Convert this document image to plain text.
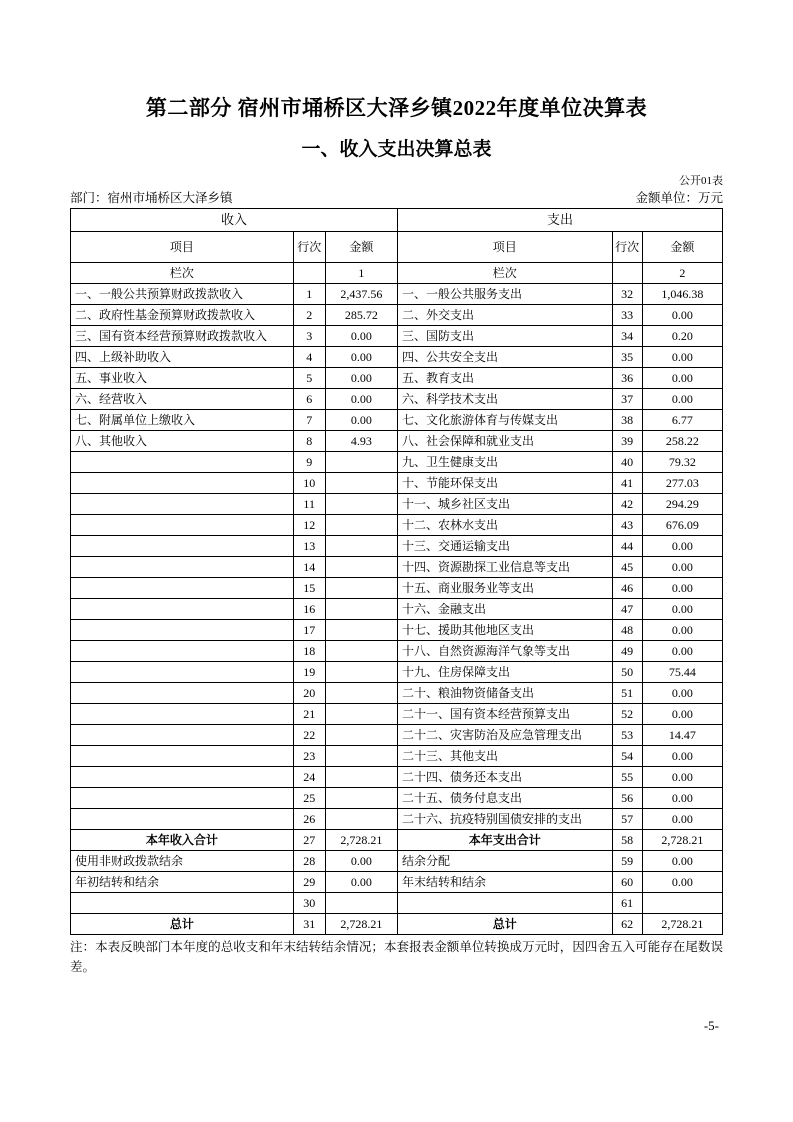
第二部分 宿州市埇桥区大泽乡镇2022年度单位决算表
一、收入支出决算总表
公开01表
部门：宿州市埇桥区大泽乡镇	金额单位：万元
收入			支出		
项目	行次	金额	项目	行次	金额
栏次		1	栏次		2
一、一般公共预算财政拨款收入	1	2,437.56	一、一般公共服务支出	32	1,046.38
二、政府性基金预算财政拨款收入	2	285.72	二、外交支出	33	0.00
三、国有资本经营预算财政拨款收入	3	0.00	三、国防支出	34	0.20
四、上级补助收入	4	0.00	四、公共安全支出	35	0.00
五、事业收入	5	0.00	五、教育支出	36	0.00
六、经营收入	6	0.00	六、科学技术支出	37	0.00
七、附属单位上缴收入	7	0.00	七、文化旅游体育与传媒支出	38	6.77
八、其他收入	8	4.93	八、社会保障和就业支出	39	258.22
	9		九、卫生健康支出	40	79.32
	10		十、节能环保支出	41	277.03
	11		十一、城乡社区支出	42	294.29
	12		十二、农林水支出	43	676.09
	13		十三、交通运输支出	44	0.00
	14		十四、资源勘探工业信息等支出	45	0.00
	15		十五、商业服务业等支出	46	0.00
	16		十六、金融支出	47	0.00
	17		十七、援助其他地区支出	48	0.00
	18		十八、自然资源海洋气象等支出	49	0.00
	19		十九、住房保障支出	50	75.44
	20		二十、粮油物资储备支出	51	0.00
	21		二十一、国有资本经营预算支出	52	0.00
	22		二十二、灾害防治及应急管理支出	53	14.47
	23		二十三、其他支出	54	0.00
	24		二十四、债务还本支出	55	0.00
	25		二十五、债务付息支出	56	0.00
	26		二十六、抗疫特别国债安排的支出	57	0.00
本年收入合计	27	2,728.21	本年支出合计	58	2,728.21
使用非财政拨款结余	28	0.00	结余分配	59	0.00
年初结转和结余	29	0.00	年末结转和结余	60	0.00
	30			61	
总计	31	2,728.21	总计	62	2,728.21

注：本表反映部门本年度的总收支和年末结转结余情况；本套报表金额单位转换成万元时，因四舍五入可能存在尾数误差。

-5-
